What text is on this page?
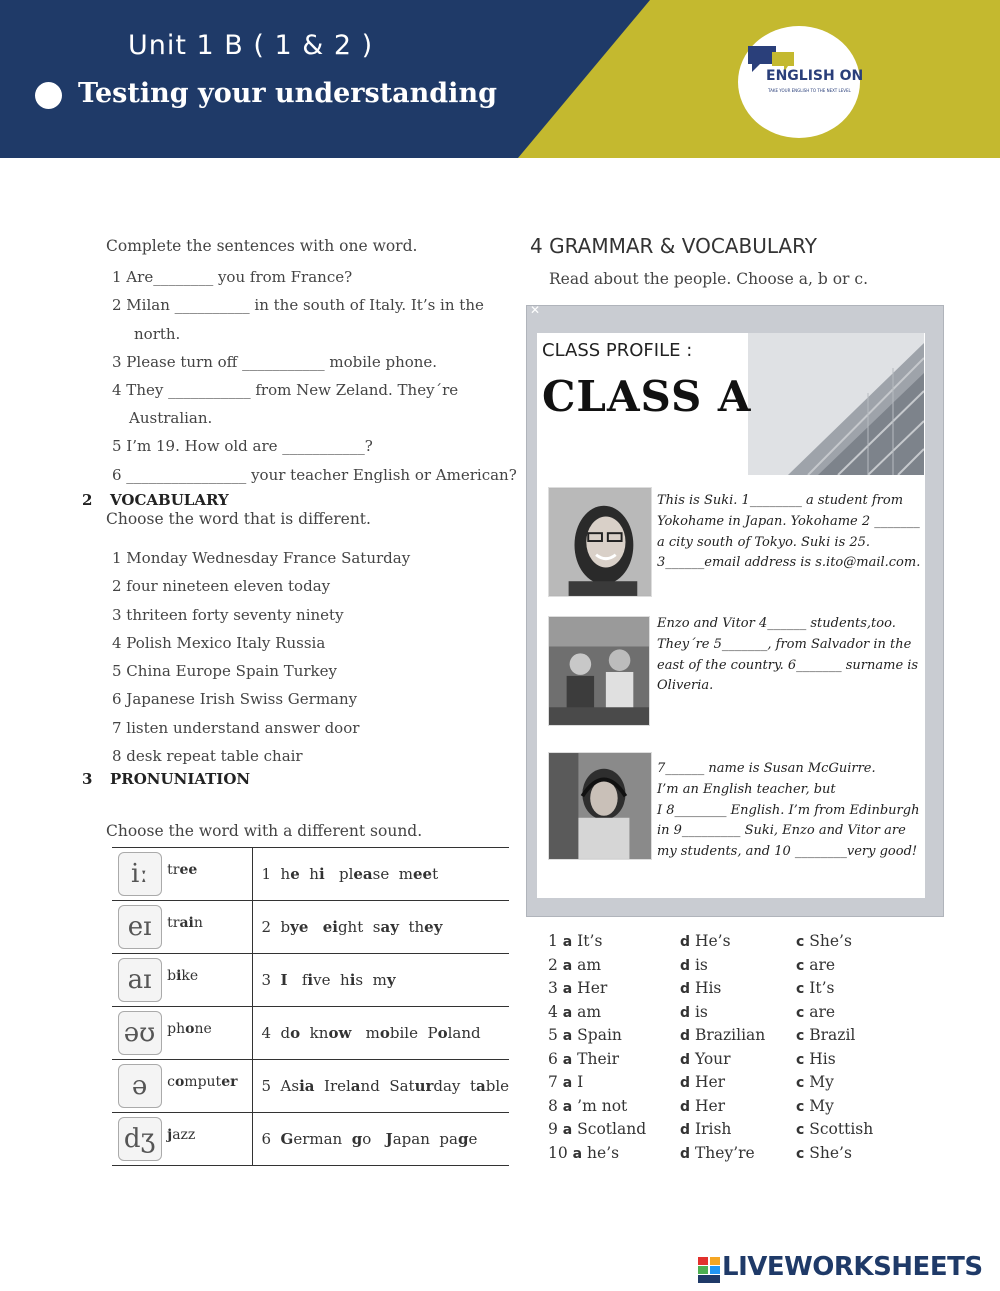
Unit 1 B ( 1 & 2 )
Testing your understanding
ENGLISH ON
TAKE YOUR ENGLISH TO THE NEXT LEVEL
Complete the sentences with one word.
1 Are________ you from France?
2 Milan __________ in the south of Italy. It’s in the
north.
3 Please turn off ___________ mobile phone.
4 They ___________ from New Zeland. They´re
Australian.
5 I’m 19. How old are ___________?
6 ________________ your teacher English or American?
2 VOCABULARY
Choose the word that is different.
1 Monday Wednesday France Saturday
2 four nineteen eleven today
3 thriteen forty seventy ninety
4 Polish Mexico Italy Russia
5 China Europe Spain Turkey
6 Japanese Irish Swiss Germany
7 listen understand answer door
8 desk repeat table chair
3 PRONUNIATION
Choose the word with a different sound.
iː	tree	1  he  hi   please  meet
eɪ	train	2  bye eight  say  they
aɪ	bike	3  I   five  his  my
əʊ	phone	4  do  know   mobile  Poland
ə	computer	5  Asia  Ireland  Saturday  table
dʒ	jazz	6  German  go   Japan  page
4 GRAMMAR & VOCABULARY
Read about the people. Choose a, b or c.
✕
CLASS PROFILE :
CLASS A
This is Suki. 1________ a student from
Yokohame in Japan. Yokohame 2 _______
a city south of Tokyo. Suki is 25.
3______email address is s.ito@mail.com.
Enzo and Vitor 4______ students,too.
They´re 5_______, from Salvador in the
east of the country. 6_______ surname is
Oliveria.
7______ name is Susan McGuirre.
I’m an English teacher, but
I 8________ English. I’m from Edinburgh
in 9_________ Suki, Enzo and Vitor are
my students, and 10 ________very good!
1 a It’s	d He’s	c She’s
2 a am	d is	c are
3 a Her	d His	c It’s
4 a am	d is	c are
5 a Spain	d Brazilian c Brazil
6 a Their	d Your	c His
7 a I	d Her	c My
8 a ’m not	d Her	c My
9 a Scotland d Irish	c Scottish
10 a he’s	d They’re	c She’s
LIVEWORKSHEETS
